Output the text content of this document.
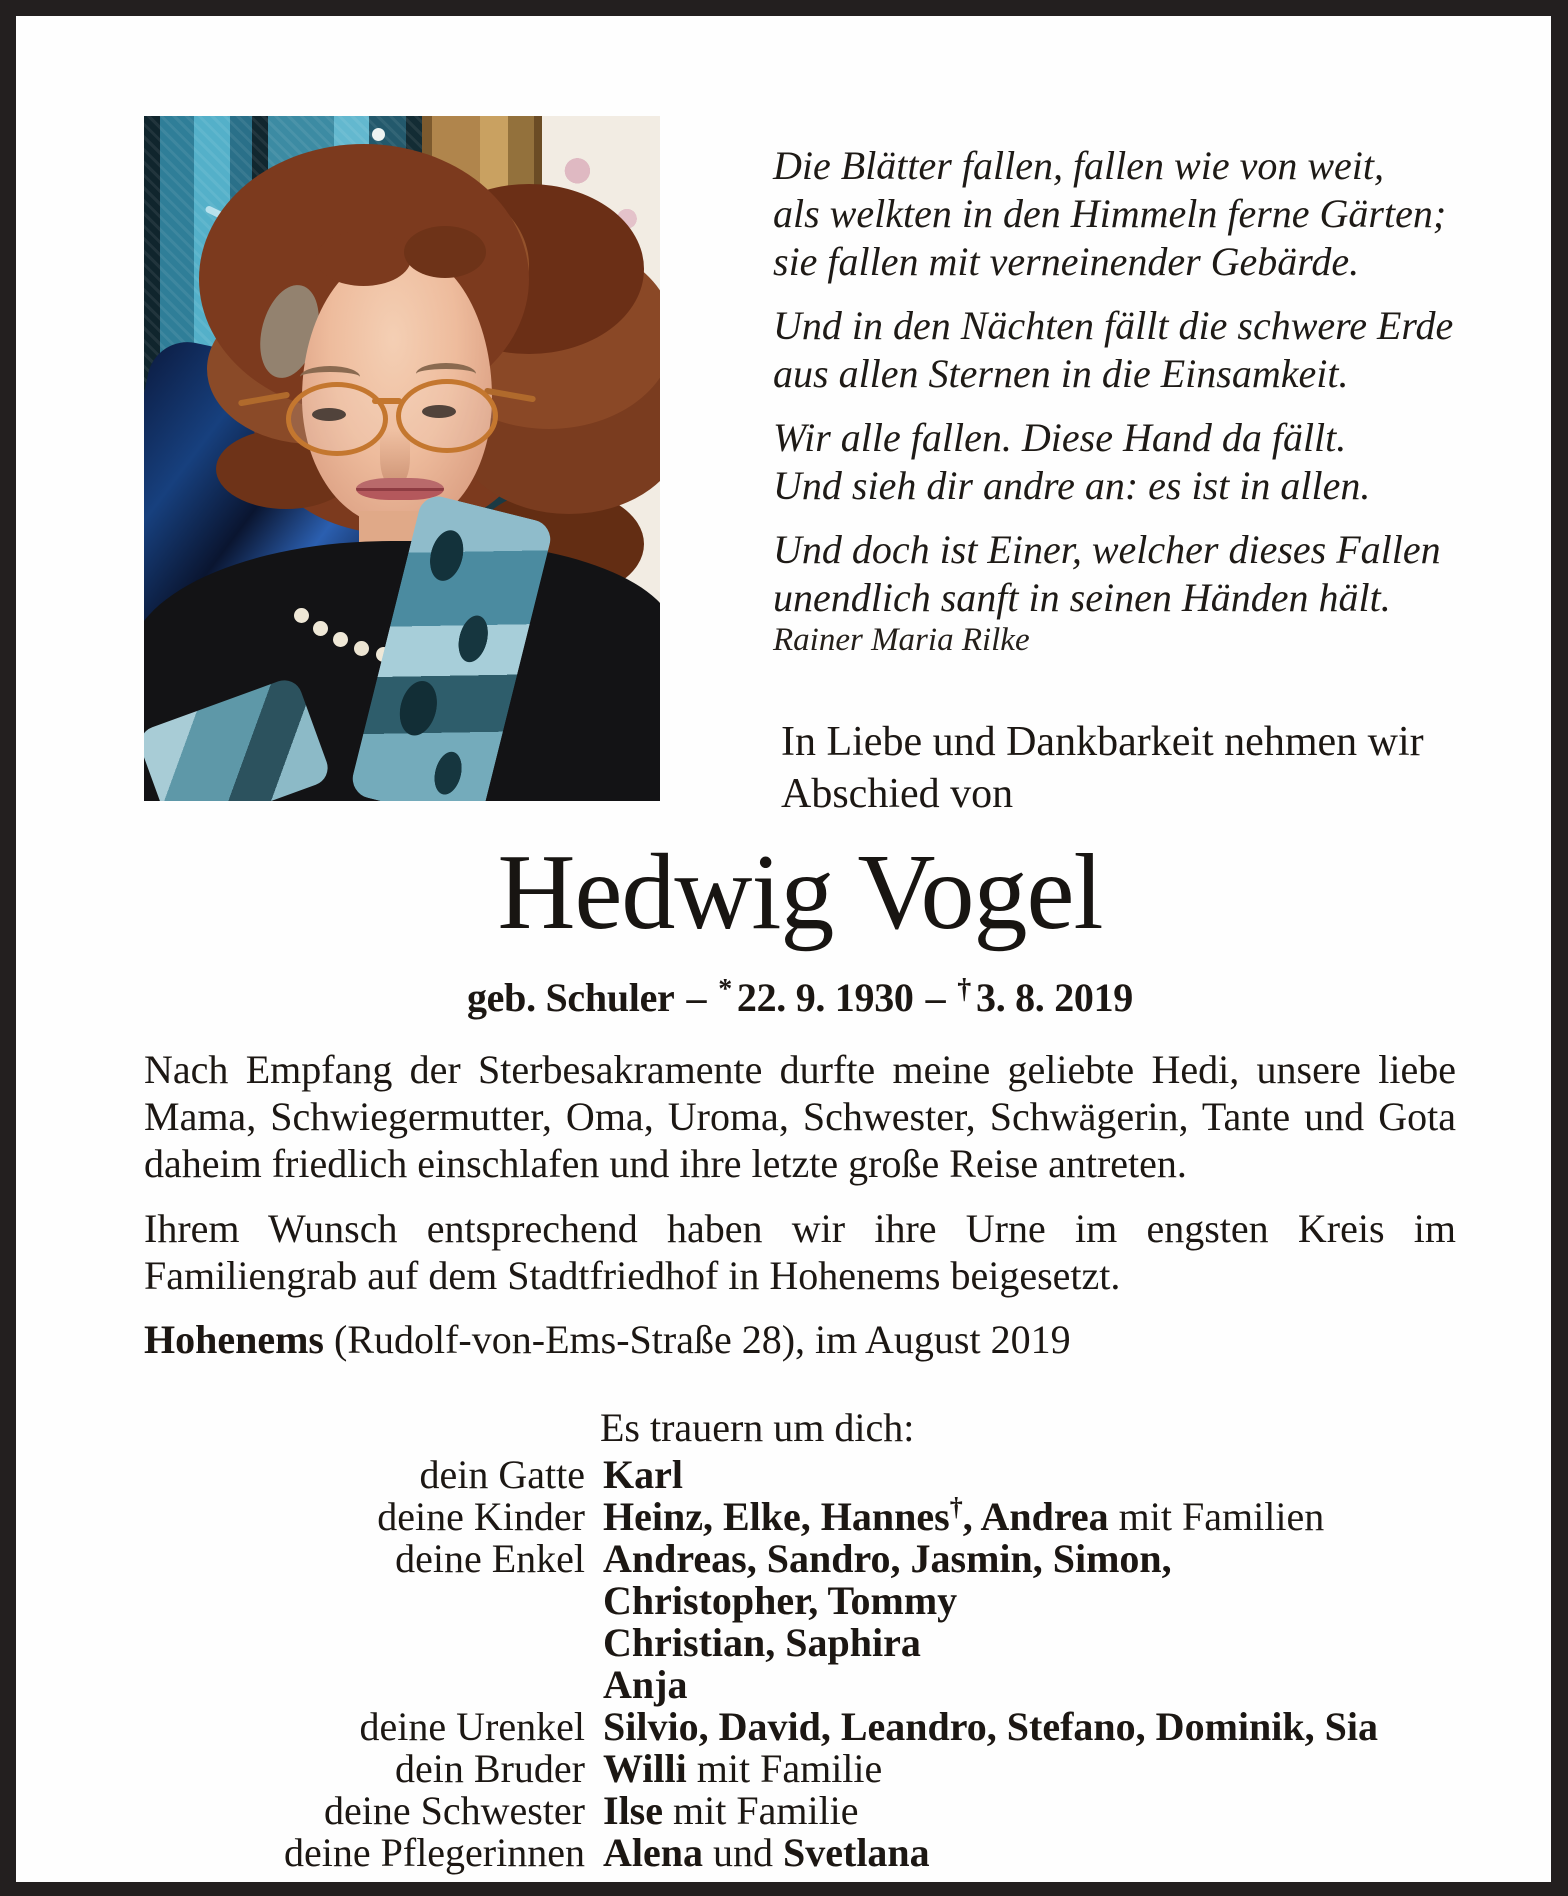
Die Blätter fallen, fallen wie von weit,
als welkten in den Himmeln ferne Gärten;
sie fallen mit verneinender Gebärde.

Und in den Nächten fällt die schwere Erde
aus allen Sternen in die Einsamkeit.

Wir alle fallen. Diese Hand da fällt.
Und sieh dir andre an: es ist in allen.

Und doch ist Einer, welcher dieses Fallen
unendlich sanft in seinen Händen hält.

Rainer Maria Rilke
In Liebe und Dankbarkeit nehmen wir
Abschied von
Hedwig Vogel
geb. Schuler – * 22. 9. 1930 – † 3. 8. 2019

Nach Empfang der Sterbesakramente durfte meine geliebte Hedi, unsere liebe Mama, Schwiegermutter, Oma, Uroma, Schwester, Schwägerin, Tante und Gota daheim friedlich einschlafen und ihre letzte große Reise antreten.

Ihrem Wunsch entsprechend haben wir ihre Urne im engsten Kreis im Familiengrab auf dem Stadtfriedhof in Hohenems beigesetzt.

Hohenems (Rudolf-von-Ems-Straße 28), im August 2019
Es trauern um dich:
dein Gatte Karl
deine Kinder Heinz, Elke, Hannes†, Andrea mit Familien
deine Enkel Andreas, Sandro, Jasmin, Simon,
Christopher, Tommy
Christian, Saphira
Anja
deine Urenkel Silvio, David, Leandro, Stefano, Dominik, Sia
dein Bruder Willi mit Familie
deine Schwester Ilse mit Familie
deine Pflegerinnen Alena und Svetlana
